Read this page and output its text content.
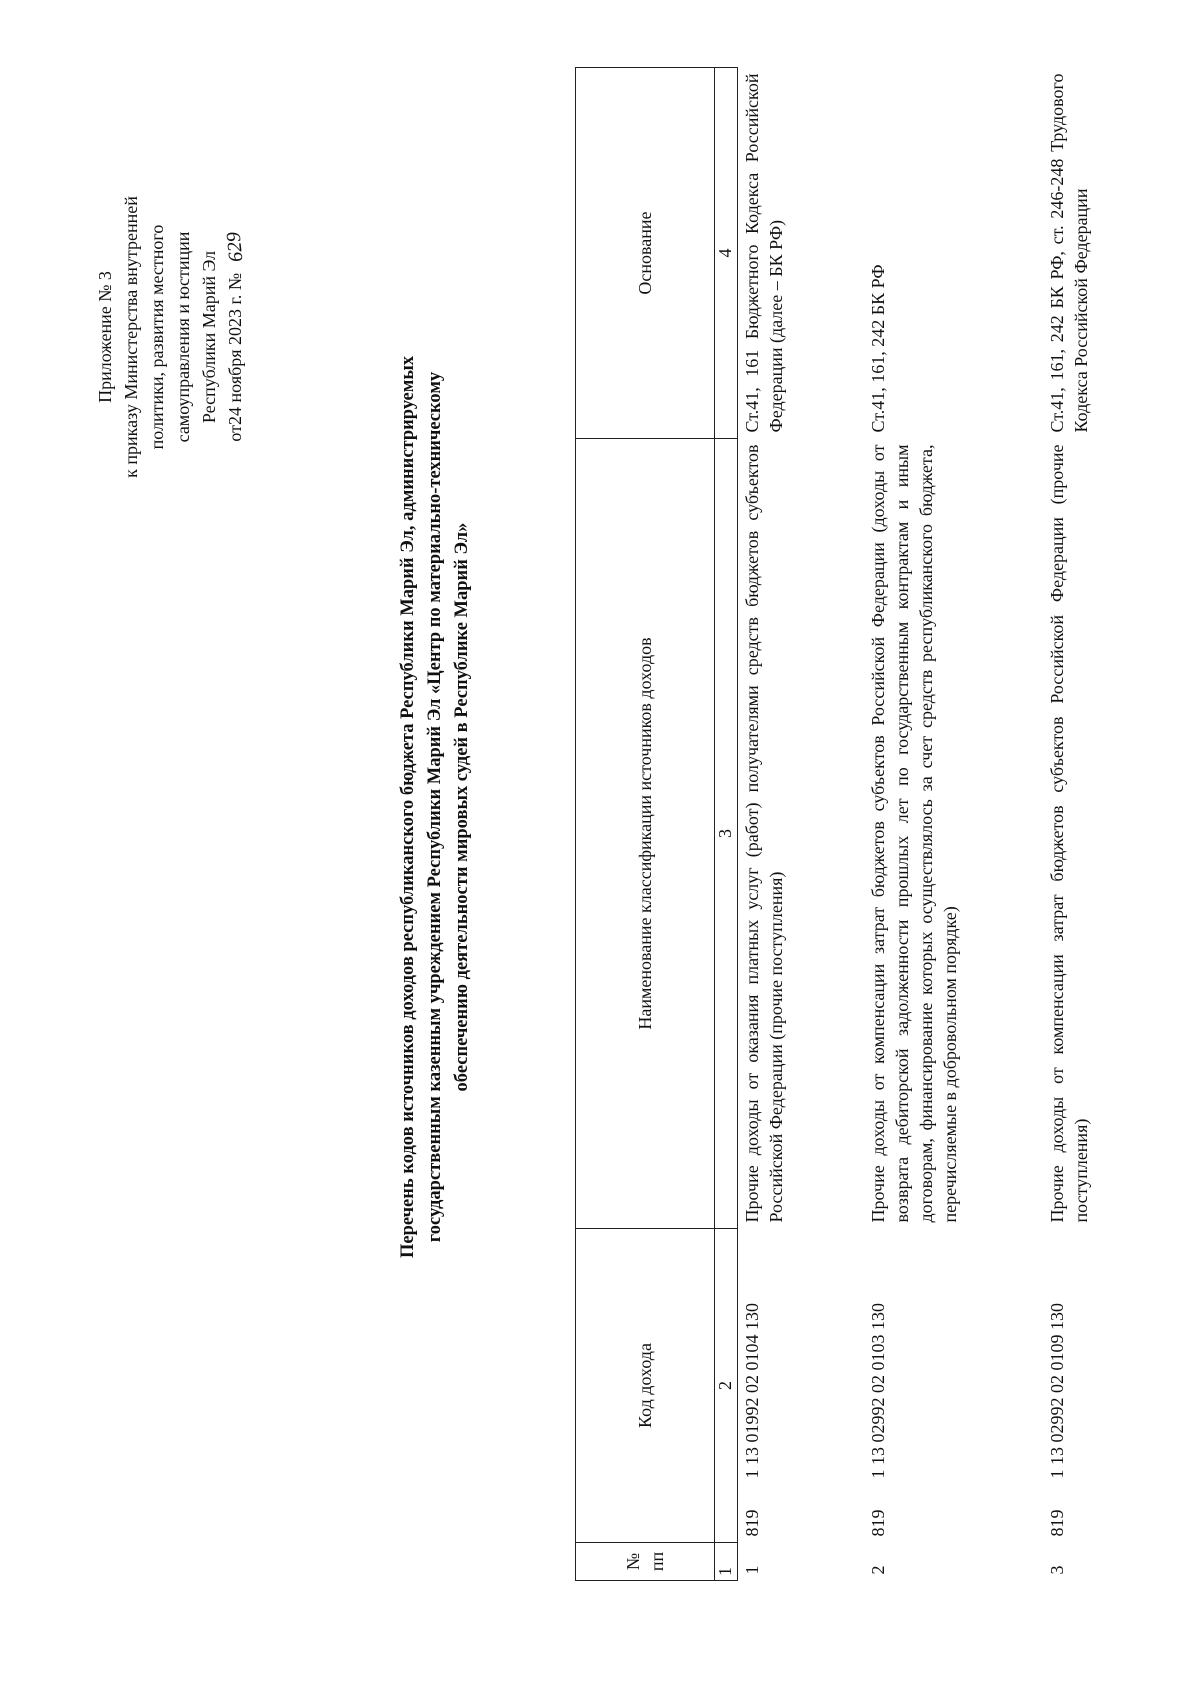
Приложение № 3 к приказу Министерства внутренней политики, развития местного самоуправления и юстиции Республики Марий Эл
от24 ноября 2023 г. № 629
Перечень кодов источников доходов республиканского бюджета Республики Марий Эл, администрируемых государственным казенным учреждением Республики Марий Эл «Центр по материально-техническому обеспечению деятельности мировых судей в Республике Марий Эл»
№ пп	Код дохода		Наименование классификации источников доходов	Основание
1	2		3	4
1	819	1 13 01992 02 0104 130	Прочие доходы от оказания платных услуг (работ) получателями средств бюджетов субъектов Российской Федерации (прочие поступления)	Ст.41, 161 Бюджетного Кодекса Российской Федерации (далее – БК РФ)
2	819	1 13 02992 02 0103 130	Прочие доходы от компенсации затрат бюджетов субъектов Российской Федерации (доходы от возврата дебиторской задолженности прошлых лет по государственным контрактам и иным договорам, финансирование которых осуществлялось за счет средств республиканского бюджета, перечисляемые в добровольном порядке)	Ст.41, 161, 242 БК РФ
3	819	1 13 02992 02 0109 130	Прочие доходы от компенсации затрат бюджетов субъектов Российской Федерации (прочие поступления)	Ст.41, 161, 242 БК РФ, ст. 246-248 Трудового Кодекса Российской Федерации
